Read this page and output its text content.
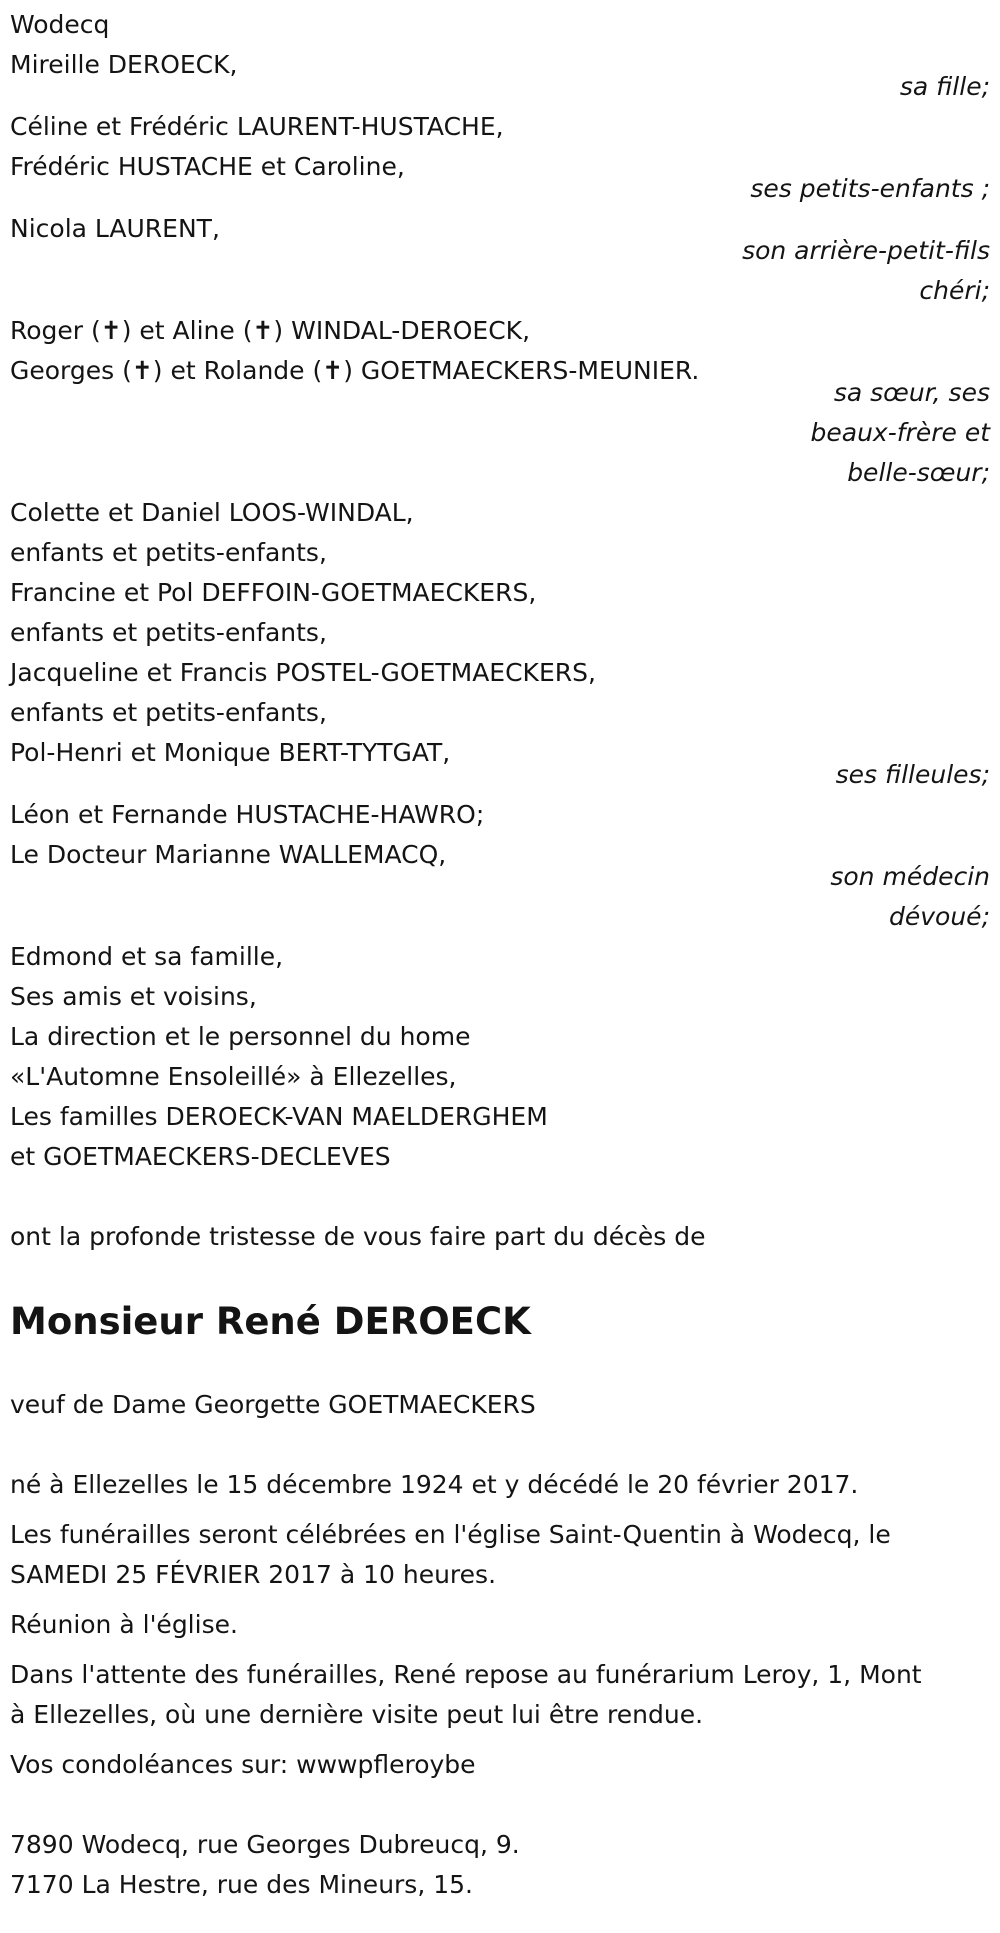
Wodecq
Mireille DEROECK,
sa fille;
Céline et Frédéric LAURENT-HUSTACHE,
Frédéric HUSTACHE et Caroline,
ses petits-enfants ;
Nicola LAURENT,
son arrière-petit-fils
chéri;
Roger (✝) et Aline (✝) WINDAL-DEROECK,
Georges (✝) et Rolande (✝) GOETMAECKERS-MEUNIER.
sa sœur, ses
beaux-frère et
belle-sœur;
Colette et Daniel LOOS-WINDAL,
enfants et petits-enfants,
Francine et Pol DEFFOIN-GOETMAECKERS,
enfants et petits-enfants,
Jacqueline et Francis POSTEL-GOETMAECKERS,
enfants et petits-enfants,
Pol-Henri et Monique BERT-TYTGAT,
ses filleules;
Léon et Fernande HUSTACHE-HAWRO;
Le Docteur Marianne WALLEMACQ,
son médecin
dévoué;
Edmond et sa famille,
Ses amis et voisins,
La direction et le personnel du home
«L'Automne Ensoleillé» à Ellezelles,
Les familles DEROECK-VAN MAELDERGHEM
et GOETMAECKERS-DECLEVES
ont la profonde tristesse de vous faire part du décès de
Monsieur René DEROECK
veuf de Dame Georgette GOETMAECKERS
né à Ellezelles le 15 décembre 1924 et y décédé le 20 février 2017.
Les funérailles seront célébrées en l'église Saint-Quentin à Wodecq, le
SAMEDI 25 FÉVRIER 2017 à 10 heures.
Réunion à l'église.
Dans l'attente des funérailles, René repose au funérarium Leroy, 1, Mont
à Ellezelles, où une dernière visite peut lui être rendue.
Vos condoléances sur: wwwpfleroybe
7890 Wodecq, rue Georges Dubreucq, 9.
7170 La Hestre, rue des Mineurs, 15.
